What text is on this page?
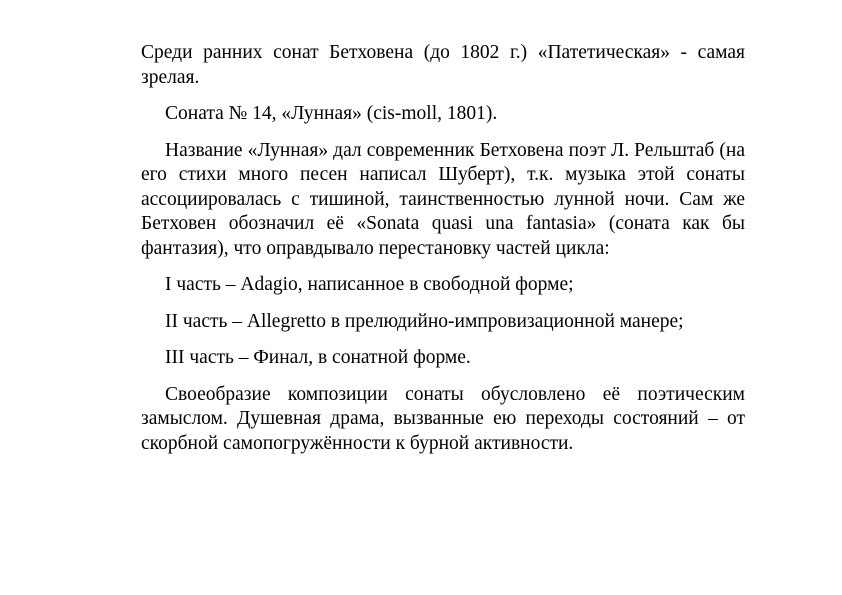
Среди ранних сонат Бетховена (до 1802 г.) «Патетическая» - самая зрелая.

Соната № 14, «Лунная» (cis-moll, 1801).

Название «Лунная» дал современник Бетховена поэт Л. Рельштаб (на его стихи много песен написал Шуберт), т.к. музыка этой сонаты ассоциировалась с тишиной, таинственностью лунной ночи. Сам же Бетховен обозначил её «Sonata quasi una fantasia» (соната как бы фантазия), что оправдывало перестановку частей цикла:

I часть – Adagio, написанное в свободной форме;

II часть – Allegretto в прелюдийно-импровизационной манере;

III часть – Финал, в сонатной форме.

Своеобразие композиции сонаты обусловлено её поэтическим замыслом. Душевная драма, вызванные ею переходы состояний – от скорбной самопогружённости к бурной активности.
